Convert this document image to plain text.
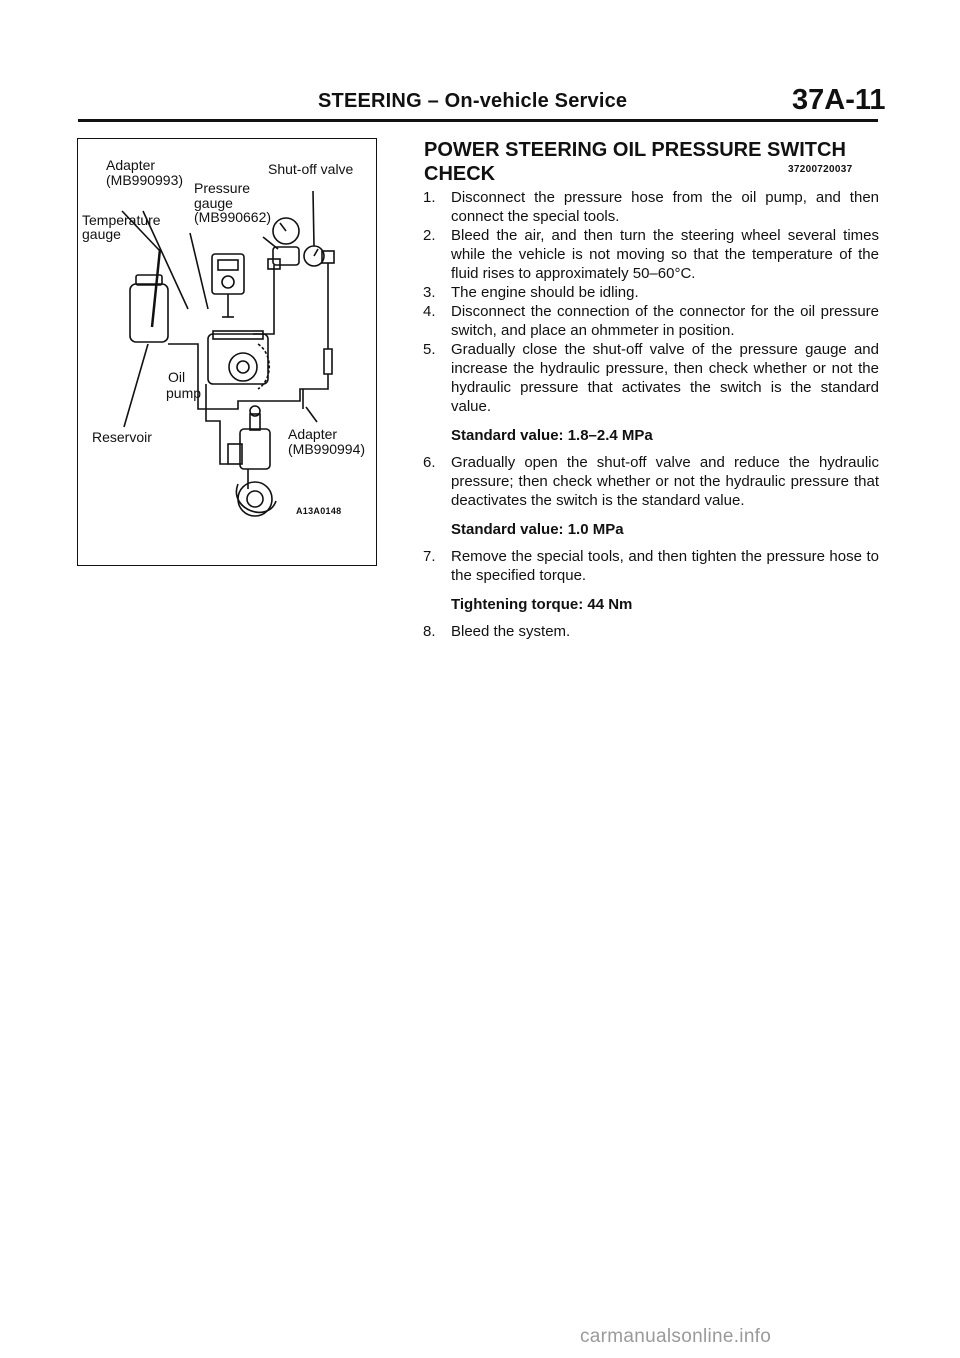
STEERING – On-vehicle Service	37A-11
Adapter
(MB990993) Pressure
gauge
(MB990662)
Shut-off valve
Temperature
gauge
Oil
pump
Reservoir	Adapter
(MB990994)
A13A0148
POWER STEERING OIL PRESSURE SWITCH
CHECK	37200720037
1.	Disconnect the pressure hose from the oil pump, and then connect the special tools.
2.	Bleed the air, and then turn the steering wheel several times while the vehicle is not moving so that the temperature of the fluid rises to approximately 50–60°C.
3.	The engine should be idling.
4.	Disconnect the connection of the connector for the oil pressure switch, and place an ohmmeter in position.
5.	Gradually close the shut-off valve of the pressure gauge and increase the hydraulic pressure, then check whether or not the hydraulic pressure that activates the switch is the standard value.
Standard value: 1.8–2.4 MPa
6.	Gradually open the shut-off valve and reduce the hydraulic pressure; then check whether or not the hydraulic pressure that deactivates the switch is the standard value.
Standard value: 1.0 MPa
7.	Remove the special tools, and then tighten the pressure hose to the specified torque.
Tightening torque: 44 Nm
8.	Bleed the system.
carmanualsonline.info
